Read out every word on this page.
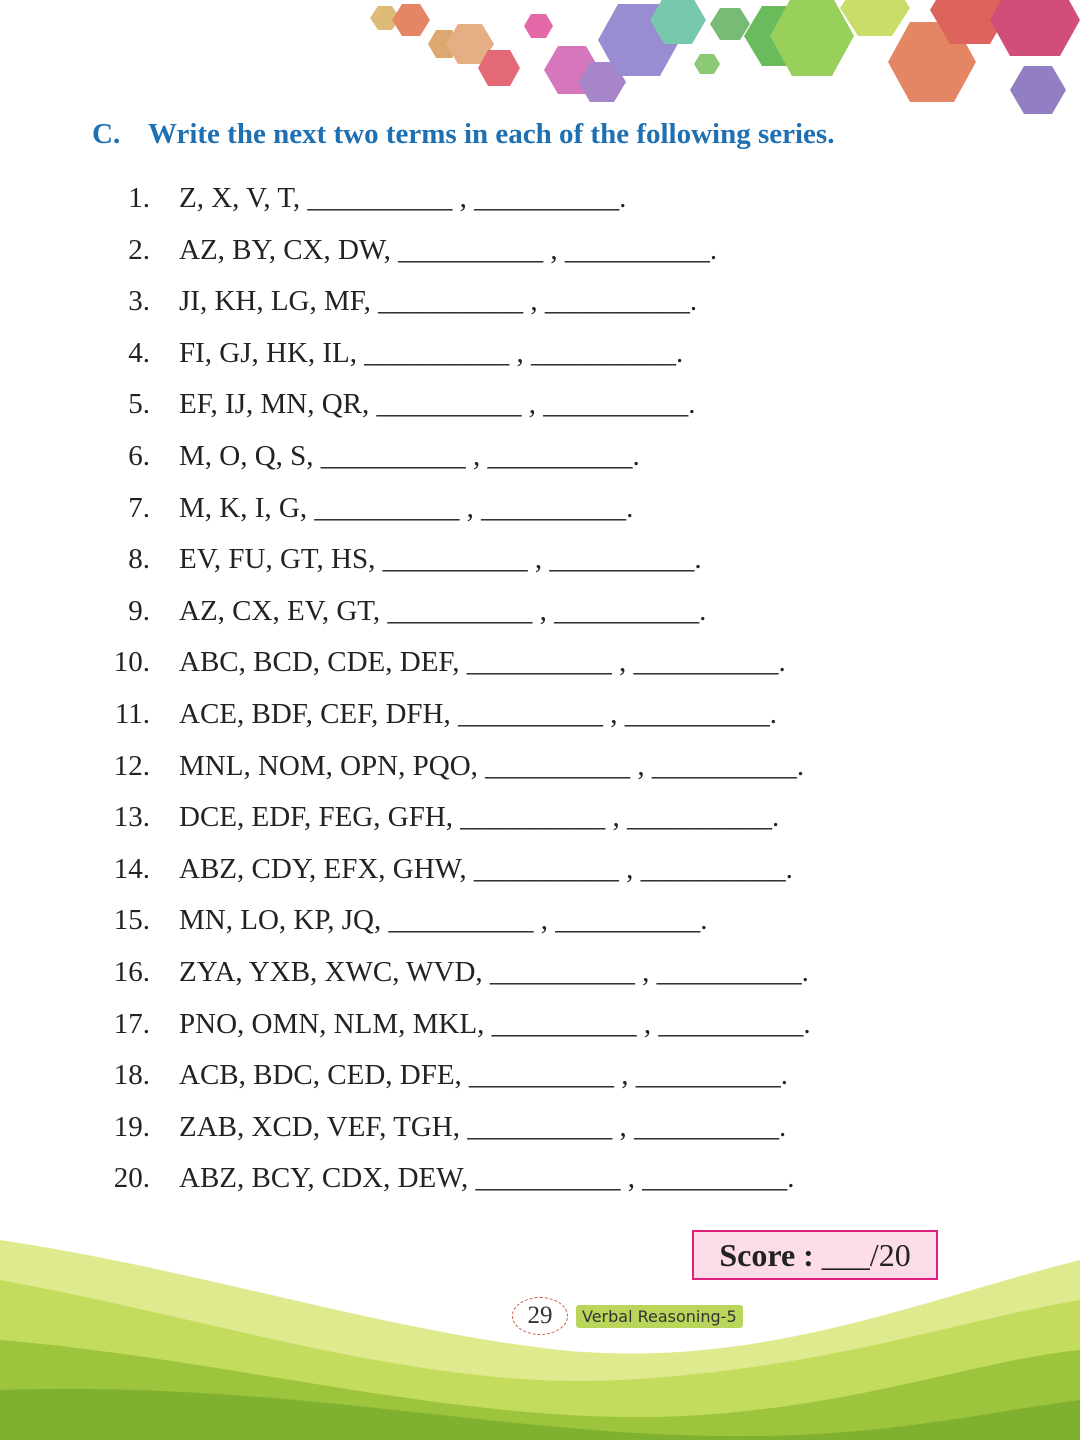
C. Write the next two terms in each of the following series.
1. Z, X, V, T, __________ , __________.
2. AZ, BY, CX, DW, __________ , __________.
3. JI, KH, LG, MF, __________ , __________.
4. FI, GJ, HK, IL, __________ , __________.
5. EF, IJ, MN, QR, __________ , __________.
6. M, O, Q, S, __________ , __________.
7. M, K, I, G, __________ , __________.
8. EV, FU, GT, HS, __________ , __________.
9. AZ, CX, EV, GT, __________ , __________.
10. ABC, BCD, CDE, DEF, __________ , __________.
11. ACE, BDF, CEF, DFH, __________ , __________.
12. MNL, NOM, OPN, PQO, __________ , __________.
13. DCE, EDF, FEG, GFH, __________ , __________.
14. ABZ, CDY, EFX, GHW, __________ , __________.
15. MN, LO, KP, JQ, __________ , __________.
16. ZYA, YXB, XWC, WVD, __________ , __________.
17. PNO, OMN, NLM, MKL, __________ , __________.
18. ACB, BDC, CED, DFE, __________ , __________.
19. ZAB, XCD, VEF, TGH, __________ , __________.
20. ABZ, BCY, CDX, DEW, __________ , __________.
Score : ___/20
29	Verbal Reasoning-5
